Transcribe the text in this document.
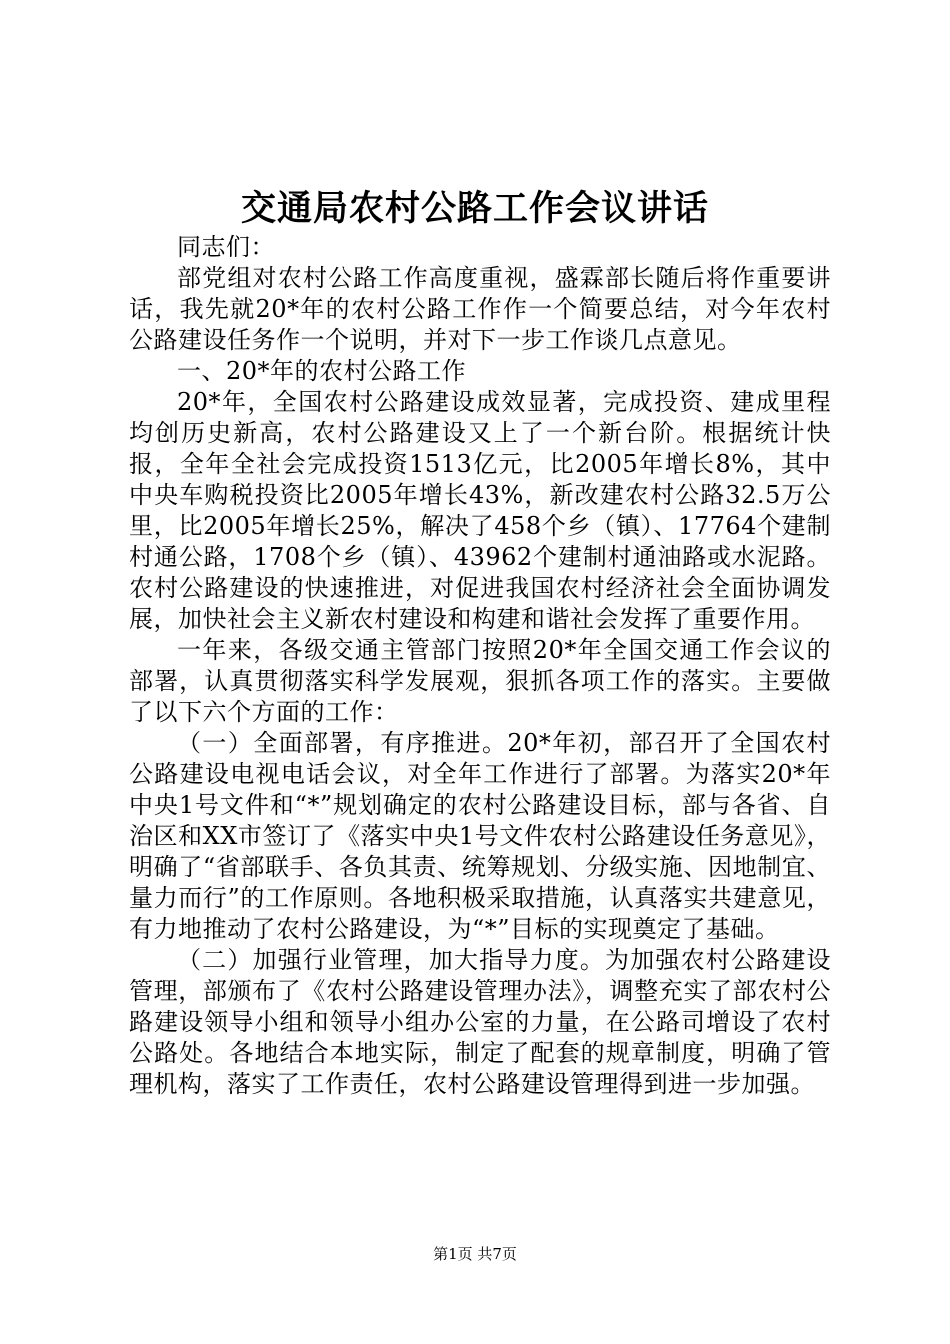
交通局农村公路工作会议讲话

同志们：

部党组对农村公路工作高度重视，盛霖部长随后将作重要讲话，我先就20*年的农村公路工作作一个简要总结，对今年农村公路建设任务作一个说明，并对下一步工作谈几点意见。

一、20*年的农村公路工作

20*年，全国农村公路建设成效显著，完成投资、建成里程均创历史新高，农村公路建设又上了一个新台阶。根据统计快报，全年全社会完成投资1513亿元，比2005年增长8%，其中中央车购税投资比2005年增长43%，新改建农村公路32.5万公里，比2005年增长25%，解决了458个乡（镇）、17764个建制村通公路，1708个乡（镇）、43962个建制村通油路或水泥路。农村公路建设的快速推进，对促进我国农村经济社会全面协调发展，加快社会主义新农村建设和构建和谐社会发挥了重要作用。

一年来，各级交通主管部门按照20*年全国交通工作会议的部署，认真贯彻落实科学发展观，狠抓各项工作的落实。主要做了以下六个方面的工作：

（一）全面部署，有序推进。20*年初，部召开了全国农村公路建设电视电话会议，对全年工作进行了部署。为落实20*年中央1号文件和“*”规划确定的农村公路建设目标，部与各省、自治区和XX市签订了《落实中央1号文件农村公路建设任务意见》，明确了“省部联手、各负其责、统筹规划、分级实施、因地制宜、量力而行”的工作原则。各地积极采取措施，认真落实共建意见，有力地推动了农村公路建设，为“*”目标的实现奠定了基础。

（二）加强行业管理，加大指导力度。为加强农村公路建设管理，部颁布了《农村公路建设管理办法》，调整充实了部农村公路建设领导小组和领导小组办公室的力量，在公路司增设了农村公路处。各地结合本地实际，制定了配套的规章制度，明确了管理机构，落实了工作责任，农村公路建设管理得到进一步加强。

第1页 共7页
